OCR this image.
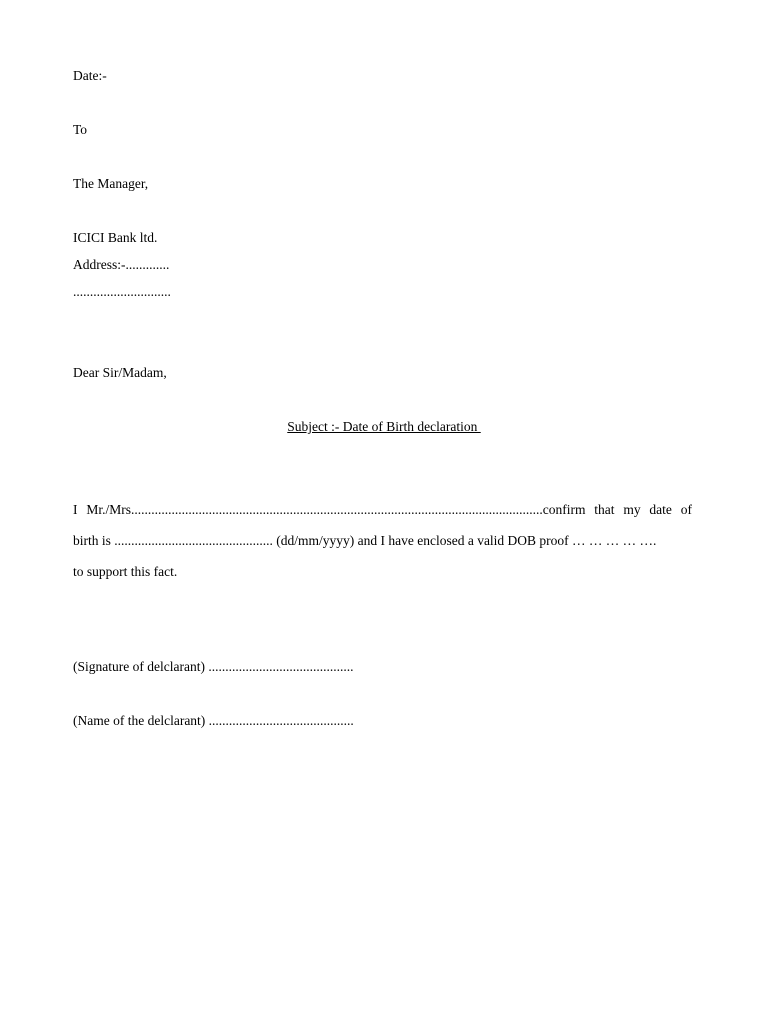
Date:-
To
The Manager,
ICICI Bank ltd.
Address:-.............
.............................
Dear Sir/Madam,
Subject :- Date of Birth declaration
I Mr./Mrs..........................................................................................................................confirm that my date of
birth is ............................................... (dd/mm/yyyy) and I have enclosed a valid DOB proof … … … … ….
to support this fact.
(Signature of delclarant) ...........................................
(Name of the delclarant) ...........................................
